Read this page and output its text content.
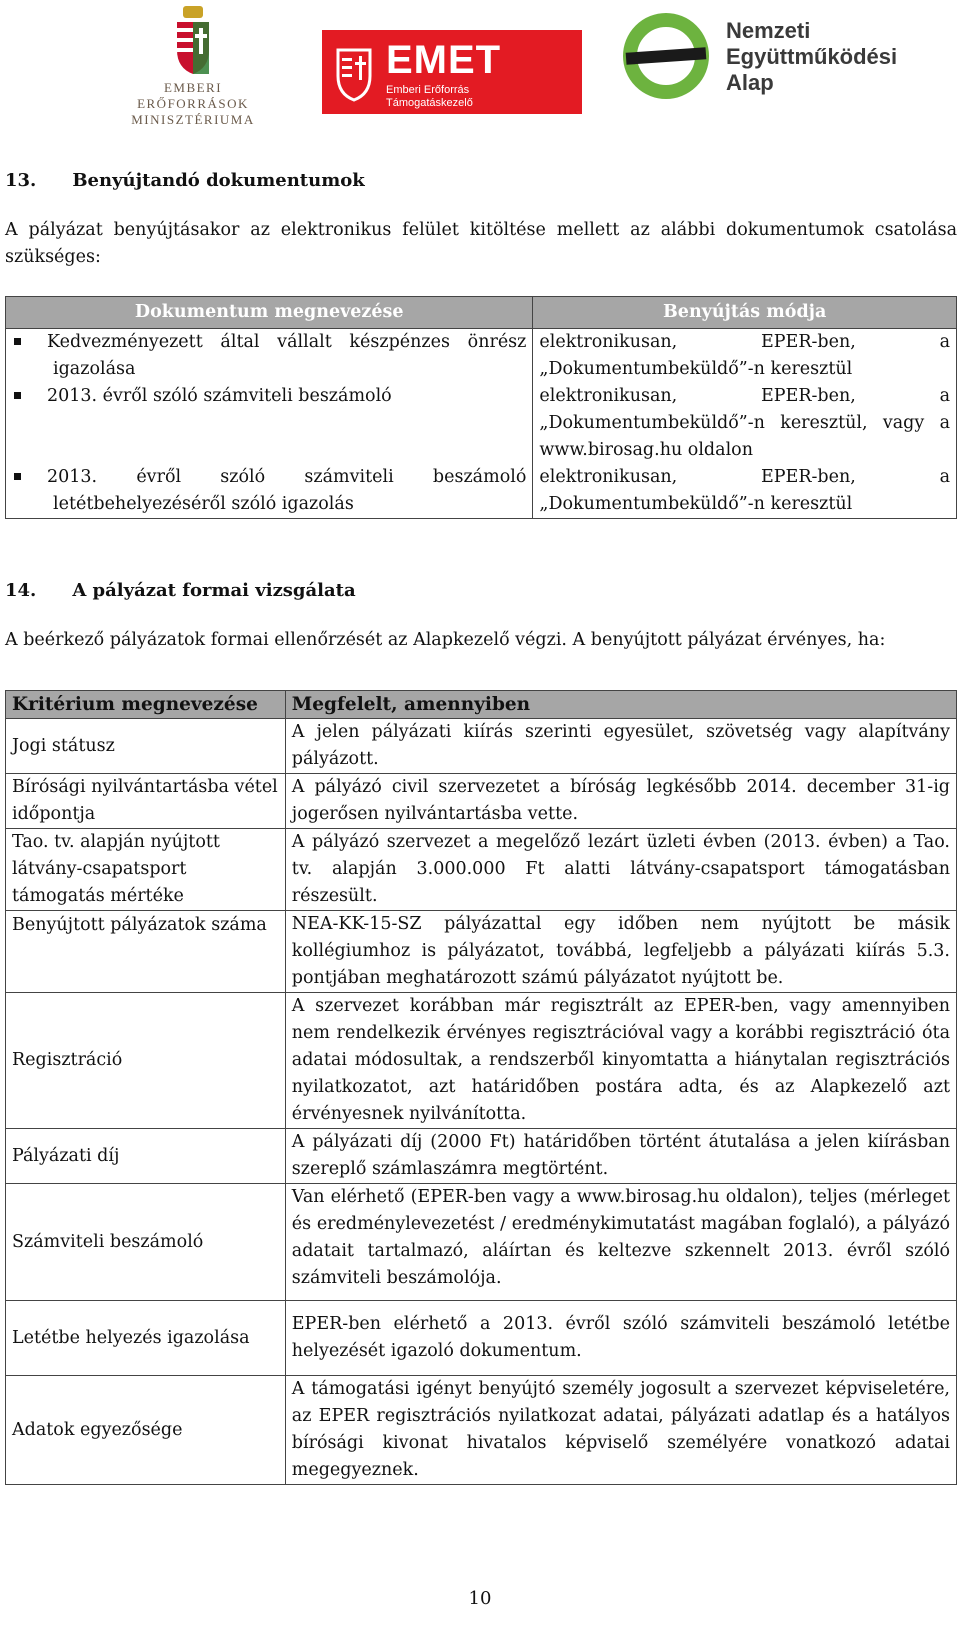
EMBERI ERŐFORRÁSOK
MINISZTÉRIUMA
EMET
Emberi Erőforrás
Támogatáskezelő
Nemzeti
Együttműködési
Alap
13. Benyújtandó dokumentumok
A pályázat benyújtásakor az elektronikus felület kitöltése mellett az alábbi dokumentumok csatolása szükséges:
Dokumentum megnevezése	Benyújtás módja
Kedvezményezett által vállalt készpénzes önrész igazolása	elektronikusan, EPER-ben, a „Dokumentumbeküldő”-n keresztül
2013. évről szóló számviteli beszámoló	elektronikusan, EPER-ben, a „Dokumentumbeküldő”-n keresztül, vagy a www.birosag.hu oldalon
2013. évről szóló számviteli beszámoló letétbehelyezéséről szóló igazolás	elektronikusan, EPER-ben, a „Dokumentumbeküldő”-n keresztül
14. A pályázat formai vizsgálata
A beérkező pályázatok formai ellenőrzését az Alapkezelő végzi. A benyújtott pályázat érvényes, ha:
Kritérium megnevezése	Megfelelt, amennyiben
Jogi státusz	A jelen pályázati kiírás szerinti egyesület, szövetség vagy alapítvány pályázott.
Bírósági nyilvántartásba vétel időpontja	A pályázó civil szervezetet a bíróság legkésőbb 2014. december 31-ig jogerősen nyilvántartásba vette.
Tao. tv. alapján nyújtott látvány-csapatsport támogatás mértéke	A pályázó szervezet a megelőző lezárt üzleti évben (2013. évben) a Tao. tv. alapján 3.000.000 Ft alatti látvány-csapatsport támogatásban részesült.
Benyújtott pályázatok száma	NEA-KK-15-SZ pályázattal egy időben nem nyújtott be másik kollégiumhoz is pályázatot, továbbá, legfeljebb a pályázati kiírás 5.3. pontjában meghatározott számú pályázatot nyújtott be.
Regisztráció	A szervezet korábban már regisztrált az EPER-ben, vagy amennyiben nem rendelkezik érvényes regisztrációval vagy a korábbi regisztráció óta adatai módosultak, a rendszerből kinyomtatta a hiánytalan regisztrációs nyilatkozatot, azt határidőben postára adta, és az Alapkezelő azt érvényesnek nyilvánította.
Pályázati díj	A pályázati díj (2000 Ft) határidőben történt átutalása a jelen kiírásban szereplő számlaszámra megtörtént.
Számviteli beszámoló	Van elérhető (EPER-ben vagy a www.birosag.hu oldalon), teljes (mérleget és eredménylevezetést / eredménykimutatást magában foglaló), a pályázó adatait tartalmazó, aláírtan és keltezve szkennelt 2013. évről szóló számviteli beszámolója.
Letétbe helyezés igazolása	EPER-ben elérhető a 2013. évről szóló számviteli beszámoló letétbe helyezését igazoló dokumentum.
Adatok egyezősége	A támogatási igényt benyújtó személy jogosult a szervezet képviseletére, az EPER regisztrációs nyilatkozat adatai, pályázati adatlap és a hatályos bírósági kivonat hivatalos képviselő személyére vonatkozó adatai megegyeznek.
10
